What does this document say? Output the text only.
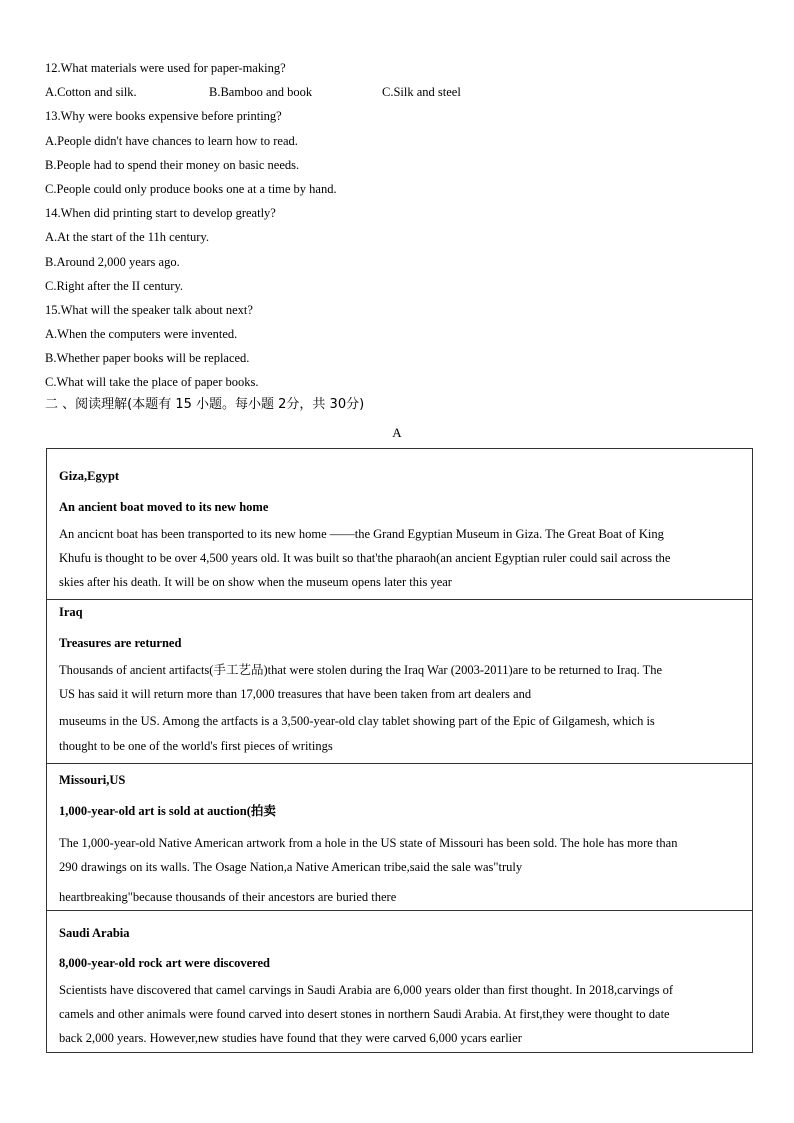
12.What materials were used for paper-making?
A.Cotton and silk.	B.Bamboo and book	C.Silk and steel
13.Why were books expensive before printing?
A.People didn't have chances to learn how to read.
B.People had to spend their money on basic needs.
C.People could only produce books one at a time by hand.
14.When did printing start to develop greatly?
A.At the start of the 11h century.
B.Around 2,000 years ago.
C.Right after the II century.
15.What will the speaker talk about next?
A.When the computers were invented.
B.Whether paper books will be replaced.
C.What will take the place of paper books.
二 、阅读理解(本题有 15 小题。每小题 2分，共 30分)
A
Giza,Egypt
An ancient boat moved to its new home
An ancicnt boat has been transported to its new home ——the Grand Egyptian Museum in Giza. The Great Boat of King
Khufu is thought to be over 4,500 years old. It was built so that'the pharaoh(an ancient Egyptian ruler could sail across the
skies after his death. It will be on show when the museum opens later this year
Iraq
Treasures are returned
Thousands of ancient artifacts(手工艺品)that were stolen during the Iraq War (2003-2011)are to be returned to Iraq. The
US has said it will return more than 17,000 treasures that have been taken from art dealers and
museums in the US. Among the artfacts is a 3,500-year-old clay tablet showing part of the Epic of Gilgamesh, which is
thought to be one of the world's first pieces of writings
Missouri,US
1,000-year-old art is sold at auction(拍卖
The 1,000-year-old Native American artwork from a hole in the US state of Missouri has been sold. The hole has more than
290 drawings on its walls. The Osage Nation,a Native American tribe,said the sale was"truly
heartbreaking"because thousands of their ancestors are buried there
Saudi Arabia
8,000-year-old rock art were discovered
Scientists have discovered that camel carvings in Saudi Arabia are 6,000 years older than first thought. In 2018,carvings of
camels and other animals were found carved into desert stones in northern Saudi Arabia. At first,they were thought to date
back 2,000 years. However,new studies have found that they were carved 6,000 ycars earlier
